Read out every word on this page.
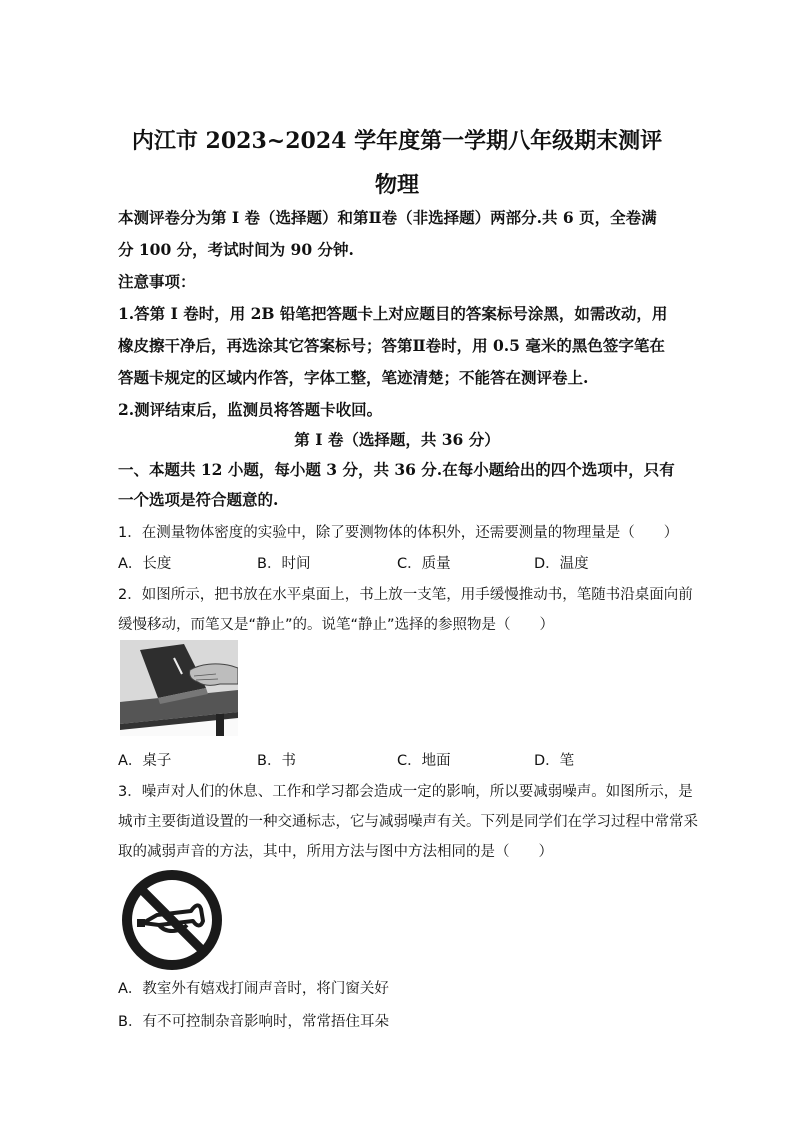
内江市 2023~2024 学年度第一学期八年级期末测评
物理
本测评卷分为第 I 卷（选择题）和第Ⅱ卷（非选择题）两部分.共 6 页，全卷满
分 100 分，考试时间为 90 分钟.
注意事项：
1.答第 I 卷时，用 2B 铅笔把答题卡上对应题目的答案标号涂黑，如需改动，用
橡皮擦干净后，再选涂其它答案标号；答第Ⅱ卷时，用 0.5 毫米的黑色签字笔在
答题卡规定的区域内作答，字体工整，笔迹清楚；不能答在测评卷上.
2.测评结束后，监测员将答题卡收回。
第 I 卷（选择题，共 36 分）
一、本题共 12 小题，每小题 3 分，共 36 分.在每小题给出的四个选项中，只有
一个选项是符合题意的.
1．在测量物体密度的实验中，除了要测物体的体积外，还需要测量的物理量是（　　）
A．长度	B．时间	C．质量	D．温度
2．如图所示，把书放在水平桌面上，书上放一支笔，用手缓慢推动书，笔随书沿桌面向前
缓慢移动，而笔又是“静止”的。说笔“静止”选择的参照物是（　　）
A．桌子	B．书	C．地面	D．笔
3．噪声对人们的休息、工作和学习都会造成一定的影响，所以要减弱噪声。如图所示，是
城市主要街道设置的一种交通标志，它与减弱噪声有关。下列是同学们在学习过程中常常采
取的减弱声音的方法，其中，所用方法与图中方法相同的是（　　）
A．教室外有嬉戏打闹声音时，将门窗关好
B．有不可控制杂音影响时，常常捂住耳朵
